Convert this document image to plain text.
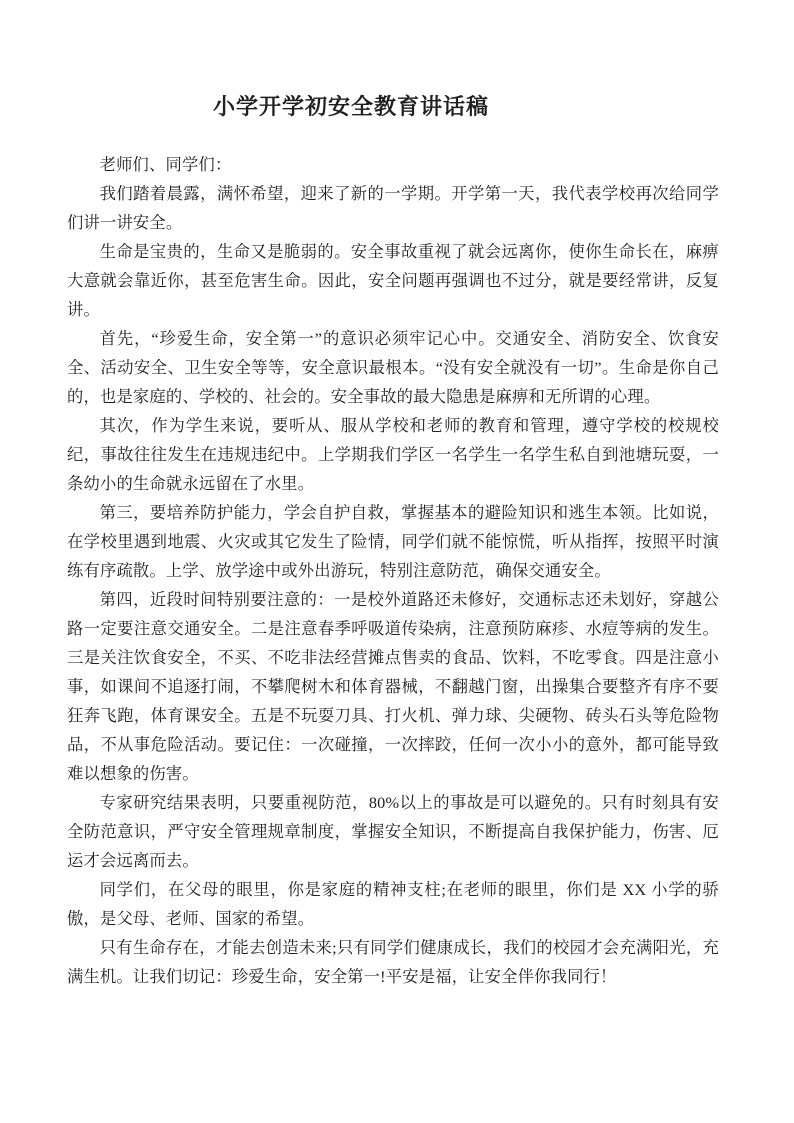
小学开学初安全教育讲话稿

老师们、同学们：

我们踏着晨露，满怀希望，迎来了新的一学期。开学第一天，我代表学校再次给同学们讲一讲安全。

生命是宝贵的，生命又是脆弱的。安全事故重视了就会远离你，使你生命长在，麻痹大意就会靠近你，甚至危害生命。因此，安全问题再强调也不过分，就是要经常讲，反复讲。

首先，“珍爱生命，安全第一”的意识必须牢记心中。交通安全、消防安全、饮食安全、活动安全、卫生安全等等，安全意识最根本。“没有安全就没有一切”。生命是你自己的，也是家庭的、学校的、社会的。安全事故的最大隐患是麻痹和无所谓的心理。

其次，作为学生来说，要听从、服从学校和老师的教育和管理，遵守学校的校规校纪，事故往往发生在违规违纪中。上学期我们学区一名学生一名学生私自到池塘玩耍，一条幼小的生命就永远留在了水里。

第三，要培养防护能力，学会自护自救，掌握基本的避险知识和逃生本领。比如说，在学校里遇到地震、火灾或其它发生了险情，同学们就不能惊慌，听从指挥，按照平时演练有序疏散。上学、放学途中或外出游玩，特别注意防范，确保交通安全。

第四，近段时间特别要注意的：一是校外道路还未修好，交通标志还未划好，穿越公路一定要注意交通安全。二是注意春季呼吸道传染病，注意预防麻疹、水痘等病的发生。三是关注饮食安全，不买、不吃非法经营摊点售卖的食品、饮料，不吃零食。四是注意小事，如课间不追逐打闹，不攀爬树木和体育器械，不翻越门窗，出操集合要整齐有序不要狂奔飞跑，体育课安全。五是不玩耍刀具、打火机、弹力球、尖硬物、砖头石头等危险物品，不从事危险活动。要记住：一次碰撞，一次摔跤，任何一次小小的意外，都可能导致难以想象的伤害。

专家研究结果表明，只要重视防范，80%以上的事故是可以避免的。只有时刻具有安全防范意识，严守安全管理规章制度，掌握安全知识，不断提高自我保护能力，伤害、厄运才会远离而去。

同学们，在父母的眼里，你是家庭的精神支柱;在老师的眼里，你们是 XX 小学的骄傲，是父母、老师、国家的希望。

只有生命存在，才能去创造未来;只有同学们健康成长，我们的校园才会充满阳光，充满生机。让我们切记：珍爱生命，安全第一!平安是福，让安全伴你我同行！
